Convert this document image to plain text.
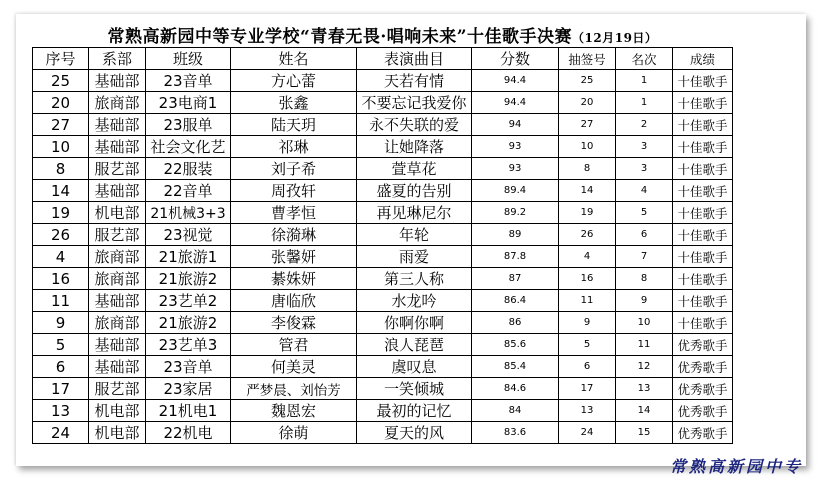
常熟高新园中等专业学校“青春无畏·唱响未来”十佳歌手决赛（12月19日）								
序号	系部	班级	姓名	表演曲目	分数	抽签号	名次	成绩
25	基础部	23音单	方心蕾	天若有情	94.4	25	1	十佳歌手
20	旅商部	23电商1	张鑫	不要忘记我爱你	94.4	20	1	十佳歌手
27	基础部	23服单	陆天玥	永不失联的爱	94	27	2	十佳歌手
10	基础部	社会文化艺	祁琳	让她降落	93	10	3	十佳歌手
8	服艺部	22服装	刘子希	萱草花	93	8	3	十佳歌手
14	基础部	22音单	周孜轩	盛夏的告别	89.4	14	4	十佳歌手
19	机电部	21机械3+3	曹孝恒	再见琳尼尔	89.2	19	5	十佳歌手
26	服艺部	23视觉	徐漪琳	年轮	89	26	6	十佳歌手
4	旅商部	21旅游1	张馨妍	雨爱	87.8	4	7	十佳歌手
16	旅商部	21旅游2	綦姝妍	第三人称	87	16	8	十佳歌手
11	基础部	23艺单2	唐临欣	水龙吟	86.4	11	9	十佳歌手
9	旅商部	21旅游2	李俊霖	你啊你啊	86	9	10	十佳歌手
5	基础部	23艺单3	管君	浪人琵琶	85.6	5	11	优秀歌手
6	基础部	23音单	何美灵	虞叹息	85.4	6	12	优秀歌手
17	服艺部	23家居	严梦晨、刘怡芳	一笑倾城	84.6	17	13	优秀歌手
13	机电部	21机电1	魏恩宏	最初的记忆	84	13	14	优秀歌手
24	机电部	22机电	徐萌	夏天的风	83.6	24	15	优秀歌手
常熟高新园中专
